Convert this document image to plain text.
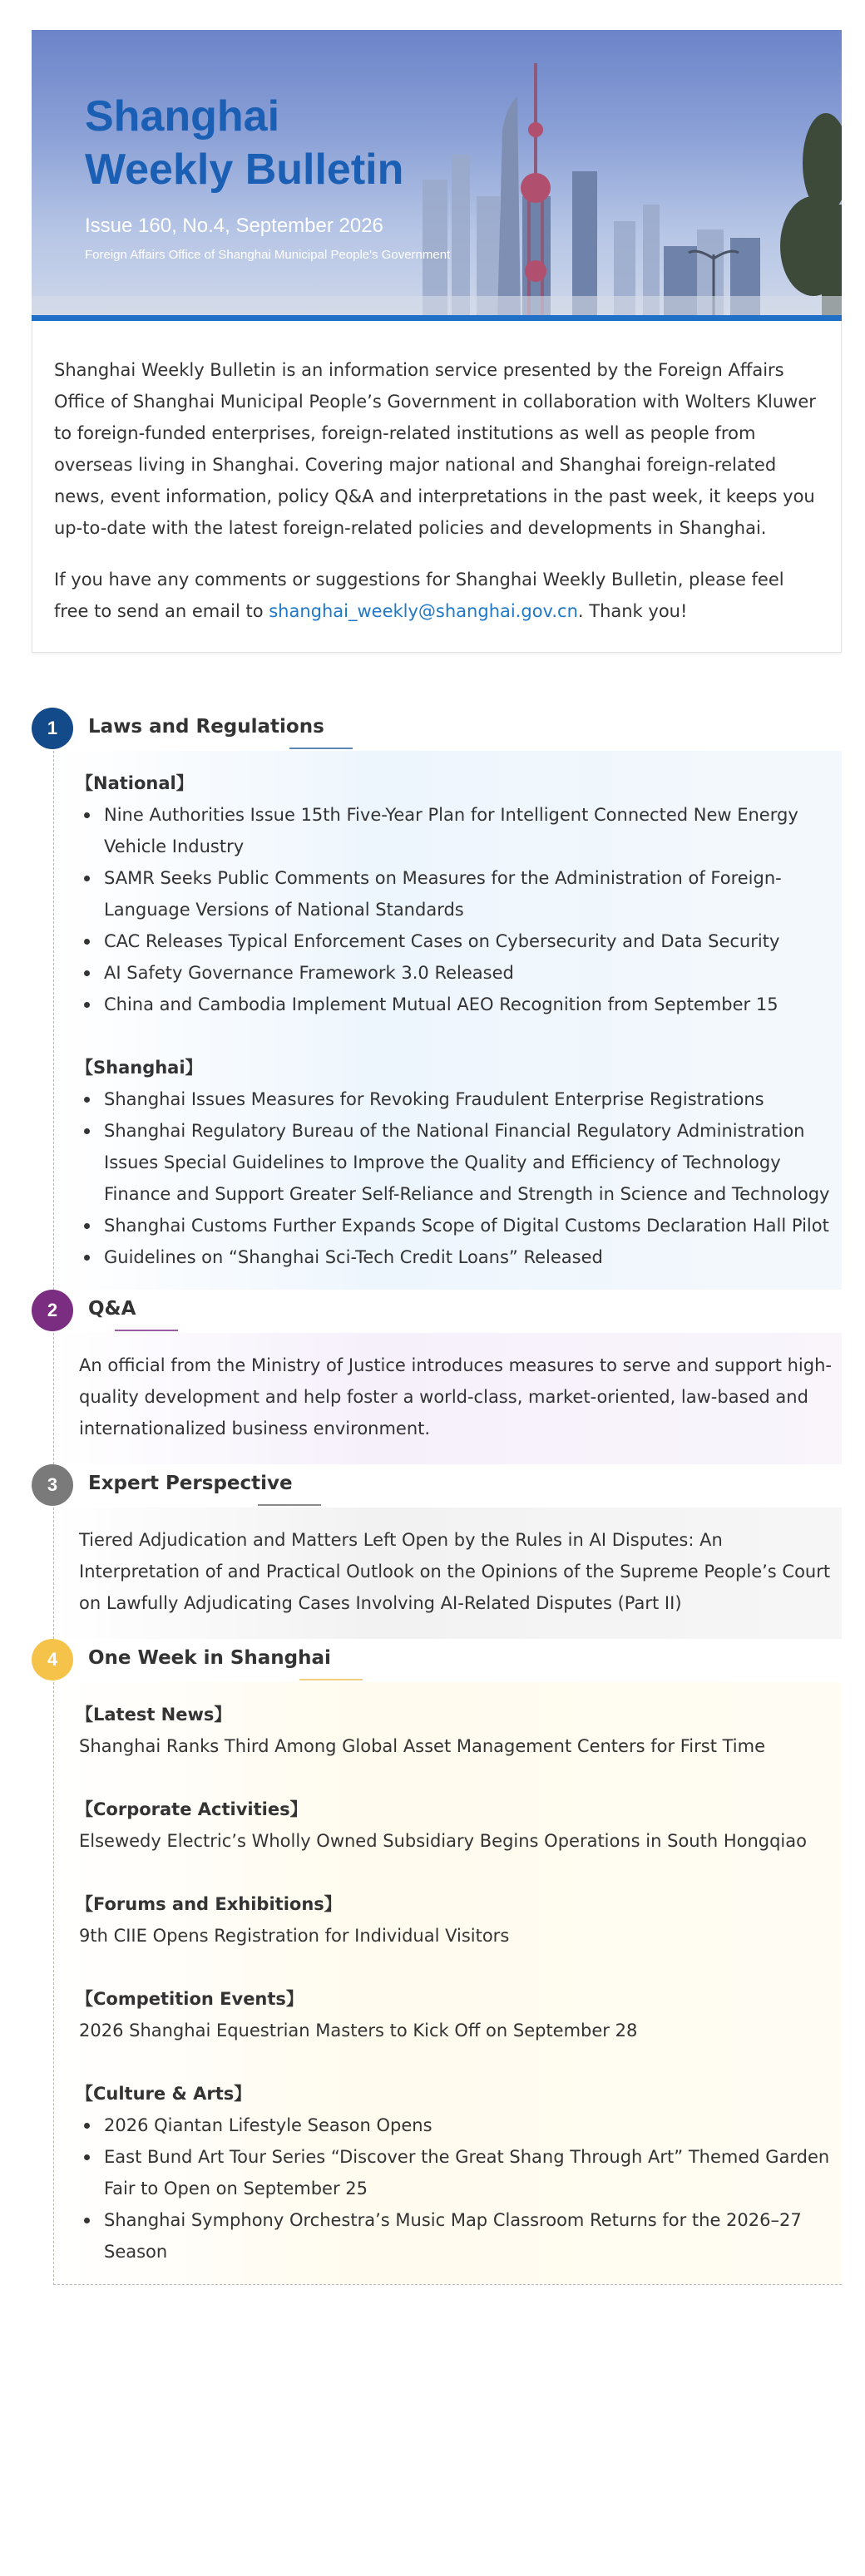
Shanghai
Weekly Bulletin
Issue 160, No.4, September 2026
Foreign Affairs Office of Shanghai Municipal People's Government

Shanghai Weekly Bulletin is an information service presented by the Foreign Affairs Office of Shanghai Municipal People’s Government in collaboration with Wolters Kluwer to foreign-funded enterprises, foreign-related institutions as well as people from overseas living in Shanghai. Covering major national and Shanghai foreign-related news, event information, policy Q&A and interpretations in the past week, it keeps you up-to-date with the latest foreign-related policies and developments in Shanghai.

If you have any comments or suggestions for Shanghai Weekly Bulletin, please feel free to send an email to shanghai_weekly@shanghai.gov.cn. Thank you!

1	Laws and Regulations
【National】
Nine Authorities Issue 15th Five-Year Plan for Intelligent Connected New Energy Vehicle Industry
SAMR Seeks Public Comments on Measures for the Administration of Foreign-Language Versions of National Standards
CAC Releases Typical Enforcement Cases on Cybersecurity and Data Security
AI Safety Governance Framework 3.0 Released
China and Cambodia Implement Mutual AEO Recognition from September 15
【Shanghai】
Shanghai Issues Measures for Revoking Fraudulent Enterprise Registrations
Shanghai Regulatory Bureau of the National Financial Regulatory Administration Issues Special Guidelines to Improve the Quality and Efficiency of Technology Finance and Support Greater Self-Reliance and Strength in Science and Technology
Shanghai Customs Further Expands Scope of Digital Customs Declaration Hall Pilot
Guidelines on “Shanghai Sci-Tech Credit Loans” Released
2	Q&A

An official from the Ministry of Justice introduces measures to serve and support high-quality development and help foster a world-class, market-oriented, law-based and internationalized business environment.

3	Expert Perspective

Tiered Adjudication and Matters Left Open by the Rules in AI Disputes: An Interpretation of and Practical Outlook on the Opinions of the Supreme People’s Court on Lawfully Adjudicating Cases Involving AI-Related Disputes (Part II)

4	One Week in Shanghai
【Latest News】

Shanghai Ranks Third Among Global Asset Management Centers for First Time

【Corporate Activities】

Elsewedy Electric’s Wholly Owned Subsidiary Begins Operations in South Hongqiao

【Forums and Exhibitions】

9th CIIE Opens Registration for Individual Visitors

【Competition Events】

2026 Shanghai Equestrian Masters to Kick Off on September 28

【Culture & Arts】
2026 Qiantan Lifestyle Season Opens
East Bund Art Tour Series “Discover the Great Shang Through Art” Themed Garden Fair to Open on September 25
Shanghai Symphony Orchestra’s Music Map Classroom Returns for the 2026–27 Season
